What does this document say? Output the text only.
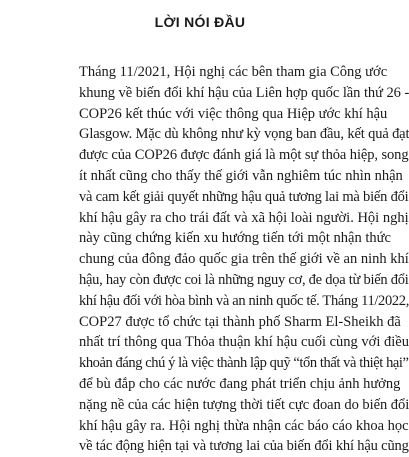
LỜI NÓI ĐẦU
Tháng 11/2021, Hội nghị các bên tham gia Công ước
khung về biến đổi khí hậu của Liên hợp quốc lần thứ 26 -
COP26 kết thúc với việc thông qua Hiệp ước khí hậu
Glasgow. Mặc dù không như kỳ vọng ban đầu, kết quả đạt
được của COP26 được đánh giá là một sự thỏa hiệp, song
ít nhất cũng cho thấy thế giới vẫn nghiêm túc nhìn nhận
và cam kết giải quyết những hậu quả tương lai mà biến đổi
khí hậu gây ra cho trái đất và xã hội loài người. Hội nghị
này cũng chứng kiến xu hướng tiến tới một nhận thức
chung của đông đảo quốc gia trên thế giới về an ninh khí
hậu, hay còn được coi là những nguy cơ, đe dọa từ biến đổi
khí hậu đối với hòa bình và an ninh quốc tế. Tháng 11/2022,
COP27 được tổ chức tại thành phố Sharm El-Sheikh đã
nhất trí thông qua Thỏa thuận khí hậu cuối cùng với điều
khoản đáng chú ý là việc thành lập quỹ “tổn thất và thiệt hại”
để bù đắp cho các nước đang phát triển chịu ảnh hưởng
nặng nề của các hiện tượng thời tiết cực đoan do biến đổi
khí hậu gây ra. Hội nghị thừa nhận các báo cáo khoa học
về tác động hiện tại và tương lai của biến đổi khí hậu cũng
